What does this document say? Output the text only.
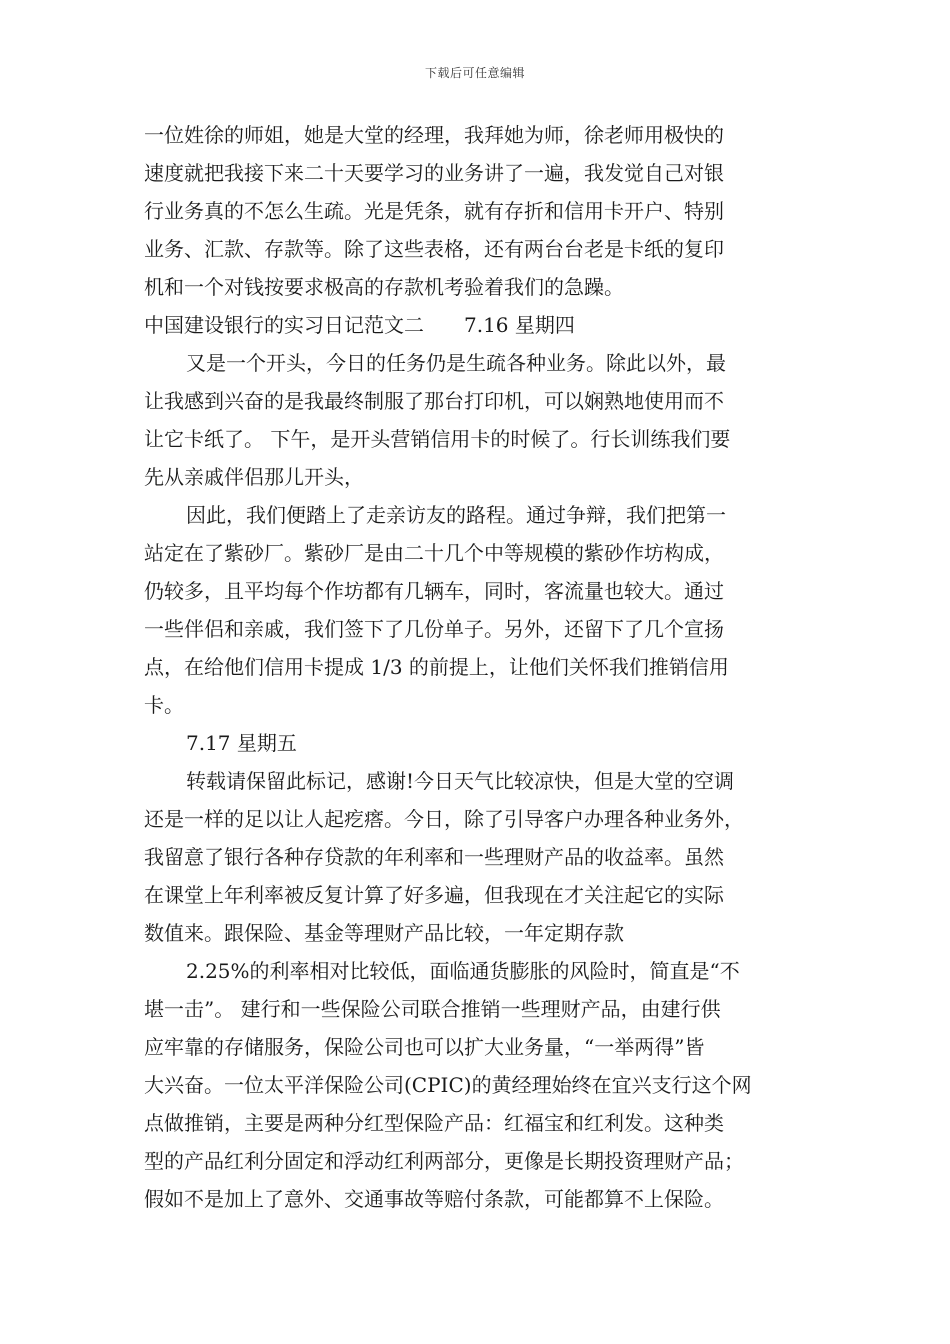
下载后可任意编辑
一位姓徐的师姐，她是大堂的经理，我拜她为师，徐老师用极快的
速度就把我接下来二十天要学习的业务讲了一遍，我发觉自己对银
行业务真的不怎么生疏。光是凭条，就有存折和信用卡开户、特别
业务、汇款、存款等。除了这些表格，还有两台台老是卡纸的复印
机和一个对钱按要求极高的存款机考验着我们的急躁。
中国建设银行的实习日记范文二 7.16 星期四
又是一个开头，今日的任务仍是生疏各种业务。除此以外，最
让我感到兴奋的是我最终制服了那台打印机，可以娴熟地使用而不
让它卡纸了。 下午，是开头营销信用卡的时候了。行长训练我们要
先从亲戚伴侣那儿开头，
因此，我们便踏上了走亲访友的路程。通过争辩，我们把第一
站定在了紫砂厂。紫砂厂是由二十几个中等规模的紫砂作坊构成，
仍较多，且平均每个作坊都有几辆车，同时，客流量也较大。通过
一些伴侣和亲戚，我们签下了几份单子。另外，还留下了几个宣扬
点，在给他们信用卡提成 1/3 的前提上，让他们关怀我们推销信用
卡。
7.17 星期五
转载请保留此标记，感谢!今日天气比较凉快，但是大堂的空调
还是一样的足以让人起疙瘩。今日，除了引导客户办理各种业务外，
我留意了银行各种存贷款的年利率和一些理财产品的收益率。虽然
在课堂上年利率被反复计算了好多遍，但我现在才关注起它的实际
数值来。跟保险、基金等理财产品比较，一年定期存款
2.25%的利率相对比较低，面临通货膨胀的风险时，简直是“不
堪一击”。 建行和一些保险公司联合推销一些理财产品，由建行供
应牢靠的存储服务，保险公司也可以扩大业务量，“一举两得”皆
大兴奋。一位太平洋保险公司(CPIC)的黄经理始终在宜兴支行这个网
点做推销，主要是两种分红型保险产品：红福宝和红利发。这种类
型的产品红利分固定和浮动红利两部分，更像是长期投资理财产品；
假如不是加上了意外、交通事故等赔付条款，可能都算不上保险。
